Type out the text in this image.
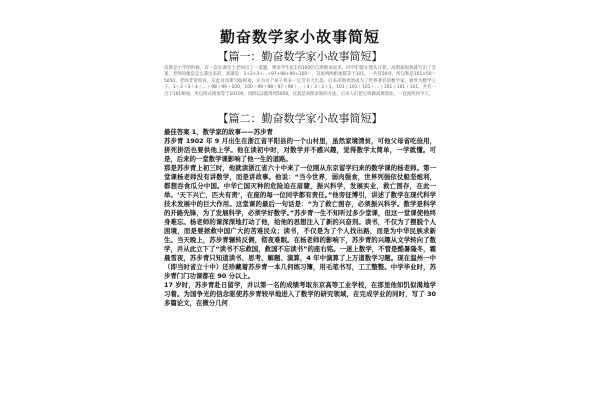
勤奋数学家小故事简短
【篇一：勤奋数学家小故事简短】

高斯是小学的时候，有一次在课堂上老师出了一道题，要求学生把1到100的自然数加起来，同学们都在埋头计算，高斯却很快就写出了答案，老师问他是怎么算出来的，高斯说：1+2+3+…+97+98+99+100＝，首尾两两相加都等于101，一共有50对，所以和是101×50＝5050。老师非常惊讶，从此对高斯另眼相看，认为这个孩子将来一定会有大出息。后来高斯果然成为了世界著名的数学家，被誉为数学王子。1＋2＋3＋4＋…＋98＋99＋100，100＋99＋98＋97＋96＋…＋4＋3＋2＋1，101＋101＋101＋…＋101＋101＋101，共有一百个101相加，所以两式相加等于10100，再除以2就得到5050，这就是高斯求和的方法，后来人们把它叫做高斯算法，一直流传到今天。

【篇二：勤奋数学家小故事简短】

最佳答案 1、数学家的故事——苏步青

苏步青 1902 年 9 月出生在浙江省平阳县的一个山村里，虽然家境清贫，可他父母省吃俭用，拼死拼活也要供他上学。他在读初中时，对数学并不感兴趣，觉得数学太简单，一学就懂。可是，后来的一堂数学课影响了他一生的道路。

那是苏步青上初三时，他就读浙江省六十中来了一位刚从东京留学归来的数学课的杨老师。第一堂课杨老师没有讲数学，而是讲故事。他说：“当今世界，弱肉强食，世界列强依仗船坚炮利，都想吞食瓜分中国。中华亡国灭种的危险迫在眉睫，振兴科学，发展实业，救亡图存，在此一举。‘天下兴亡，匹夫有责’，在座的每一位同学都有责任。”他旁征博引，讲述了数学在现代科学技术发展中的巨大作用。这堂课的最后一句话是：“为了救亡图存，必须振兴科学。数学是科学的开路先锋，为了发展科学，必须学好数学。”苏步青一生不知听过多少堂课，但这一堂课使他终身难忘。杨老师的课深深地打动了他，给他的思想注入了新的兴奋剂。读书，不仅为了摆脱个人困境，而是要拯救中国广大的苦难民众；读书，不仅是为了个人找出路，而是为中华民族求新生。当天晚上，苏步青辗转反侧，彻夜难眠。在杨老师的影响下，苏步青的兴趣从文学转向了数学，并从此立下了“读书不忘救国，救国不忘读书”的座右铭。一迷上数学，不管是酷暑隆冬，霜晨雪夜，苏步青只知道读书、思考、解题、演算，4 年中演算了上万道数学习题。现在温州一中（即当时省立十中）还珍藏着苏步青一本几何练习簿，用毛笔书写，工工整整。中学毕业时，苏步青门门功课都在 90 分以上。

17 岁时，苏步青赴日留学，并以第一名的成绩考取东京高等工业学校，在那里他如饥似渴地学习着。为国争光的信念驱使苏步青较早地进入了数学的研究领域，在完成学业的同时，写了 30 多篇论文，在微分几何
